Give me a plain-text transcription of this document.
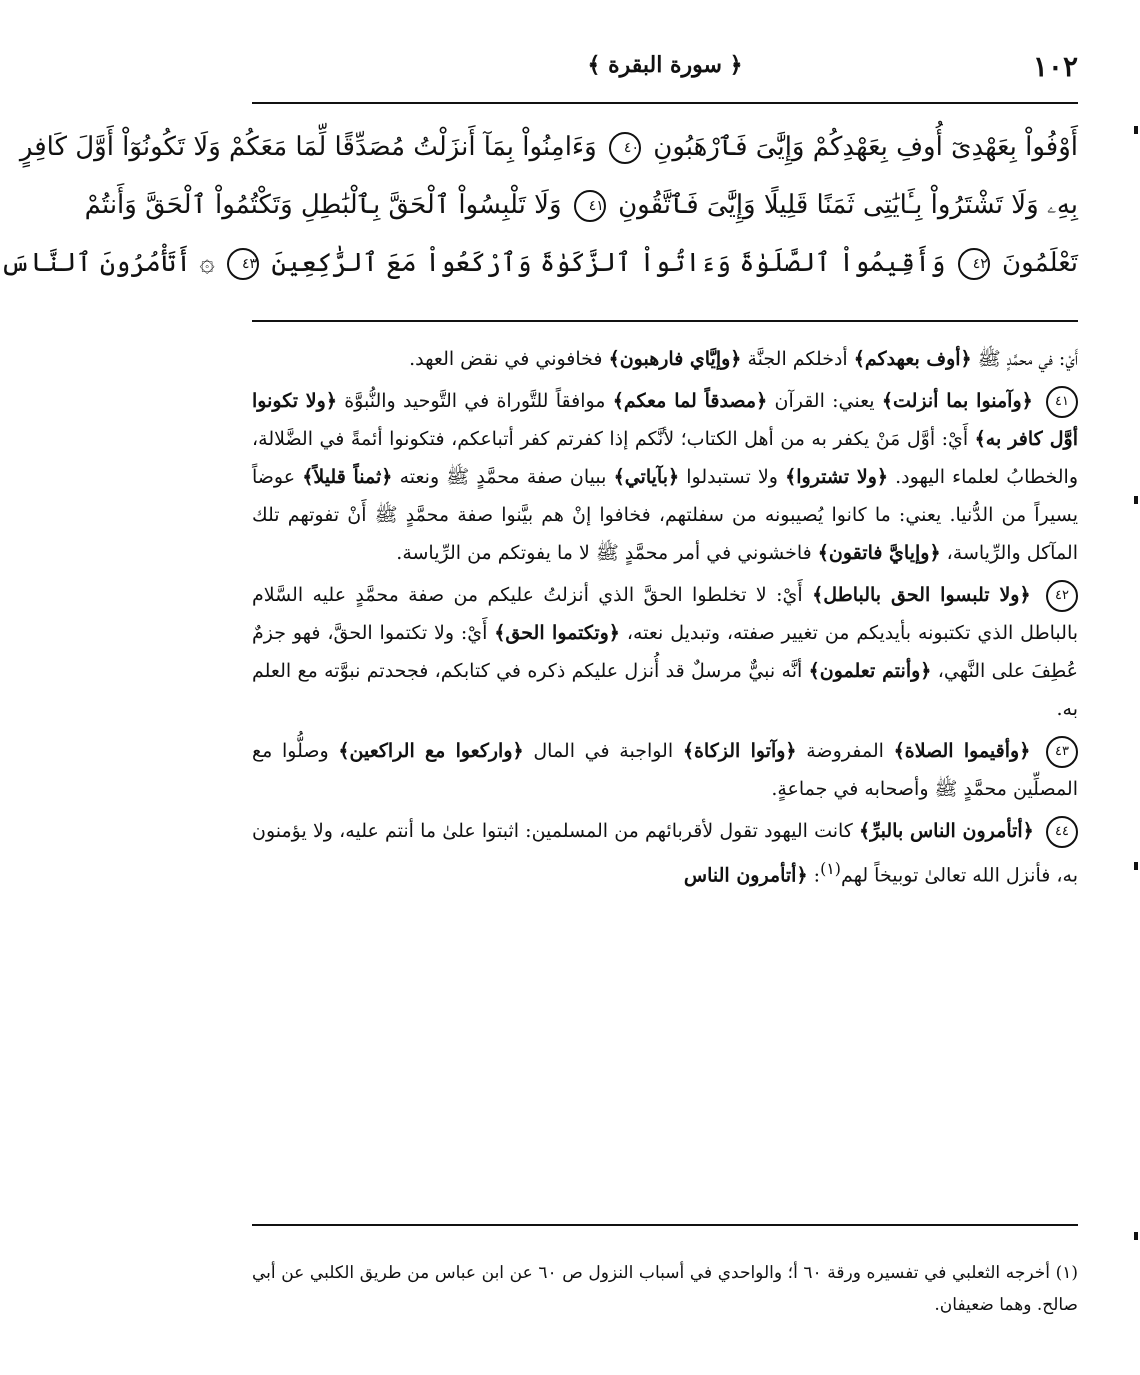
١٠٢
﴿ سورة البقرة ﴾
أَوْفُواْ بِعَهْدِىٓ أُوفِ بِعَهْدِكُمْ وَإِيَّٰىَ فَٱرْهَبُونِ ٤٠ وَءَامِنُواْ بِمَآ أَنزَلْتُ مُصَدِّقًا لِّمَا مَعَكُمْ وَلَا تَكُونُوٓاْ أَوَّلَ كَافِرٍ
بِهِۦ وَلَا تَشْتَرُواْ بِـَٔايَٰتِى ثَمَنًا قَلِيلًا وَإِيَّٰىَ فَٱتَّقُونِ ٤١ وَلَا تَلْبِسُواْ ٱلْحَقَّ بِٱلْبَٰطِلِ وَتَكْتُمُواْ ٱلْحَقَّ وَأَنتُمْ
تَعْلَمُونَ ٤٢ وَأَقِيمُواْ ٱلصَّلَوٰةَ وَءَاتُواْ ٱلزَّكَوٰةَ وَٱرْكَعُواْ مَعَ ٱلرَّٰكِعِينَ ٤٣ ۞ أَتَأْمُرُونَ ٱلنَّاسَ

أَيْ: في محمَّدٍ ﷺ ﴿أوف بعهدكم﴾ أدخلكم الجنَّة ﴿وإيَّاي فارهبون﴾ فخافوني في نقض العهد.

٤١ ﴿وآمنوا بما أنزلت﴾ يعني: القرآن ﴿مصدقاً لما معكم﴾ موافقاً للتَّوراة في التَّوحيد والنُّبوَّة ﴿ولا تكونوا أوَّل كافر به﴾ أَيْ: أوَّل مَنْ يكفر به من أهل الكتاب؛ لأنَّكم إذا كفرتم كفر أتباعكم، فتكونوا أئمةً في الضَّلالة، والخطابُ لعلماء اليهود. ﴿ولا تشتروا﴾ ولا تستبدلوا ﴿بآياتي﴾ ببيان صفة محمَّدٍ ﷺ ونعته ﴿ثمناً قليلاً﴾ عوضاً يسيراً من الدُّنيا. يعني: ما كانوا يُصيبونه من سفلتهم، فخافوا إنْ هم بيَّنوا صفة محمَّدٍ ﷺ أَنْ تفوتهم تلك المآكل والرِّياسة، ﴿وإيايَّ فاتقون﴾ فاخشوني في أمر محمَّدٍ ﷺ لا ما يفوتكم من الرِّياسة.

٤٢ ﴿ولا تلبسوا الحق بالباطل﴾ أَيْ: لا تخلطوا الحقَّ الذي أنزلتُ عليكم من صفة محمَّدٍ عليه السَّلام بالباطل الذي تكتبونه بأيديكم من تغيير صفته، وتبديل نعته، ﴿وتكتموا الحق﴾ أَيْ: ولا تكتموا الحقَّ، فهو جزمٌ عُطِفَ على النَّهي، ﴿وأنتم تعلمون﴾ أنَّه نبيٌّ مرسلٌ قد أُنزل عليكم ذكره في كتابكم، فجحدتم نبوَّته مع العلم به.

٤٣ ﴿وأقيموا الصلاة﴾ المفروضة ﴿وآتوا الزكاة﴾ الواجبة في المال ﴿واركعوا مع الراكعين﴾ وصلُّوا مع المصلِّين محمَّدٍ ﷺ وأصحابه في جماعةٍ.

٤٤ ﴿أتأمرون الناس بالبرِّ﴾ كانت اليهود تقول لأقربائهم من المسلمين: اثبتوا علىٰ ما أنتم عليه، ولا يؤمنون به، فأنزل الله تعالىٰ توبيخاً لهم$^{(١)}$: ﴿أتأمرون الناس

(١) أخرجه الثعلبي في تفسيره ورقة ٦٠ أ؛ والواحدي في أسباب النزول ص ٦٠ عن ابن عباس من طريق الكلبي عن أبي صالح. وهما ضعيفان.
